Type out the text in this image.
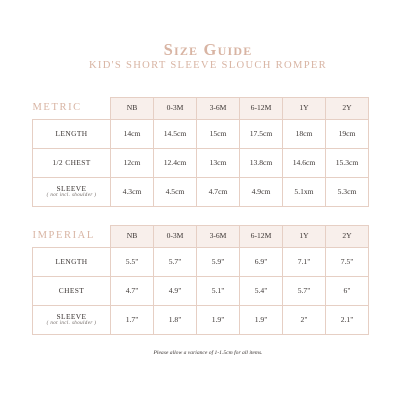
Size Guide
KID'S SHORT SLEEVE SLOUCH ROMPER
METRIC	NB	0-3M	3-6M	6-12M	1Y	2Y
LENGTH	14cm	14.5cm	15cm	17.5cm	18cm	19cm
1/2 CHEST	12cm	12.4cm	13cm	13.8cm	14.6cm	15.3cm
SLEEVE
( not incl. shoulder )	4.3cm	4.5cm	4.7cm	4.9cm	5.1xm	5.3cm
IMPERIAL	NB	0-3M	3-6M	6-12M	1Y	2Y
LENGTH	5.5"	5.7"	5.9"	6.9"	7.1"	7.5"
CHEST	4.7"	4.9"	5.1"	5.4"	5.7"	6"
SLEEVE
( not incl. shoulder )	1.7"	1.8"	1.9"	1.9"	2"	2.1"
Please allow a variance of 1-1.5cm for all items.
